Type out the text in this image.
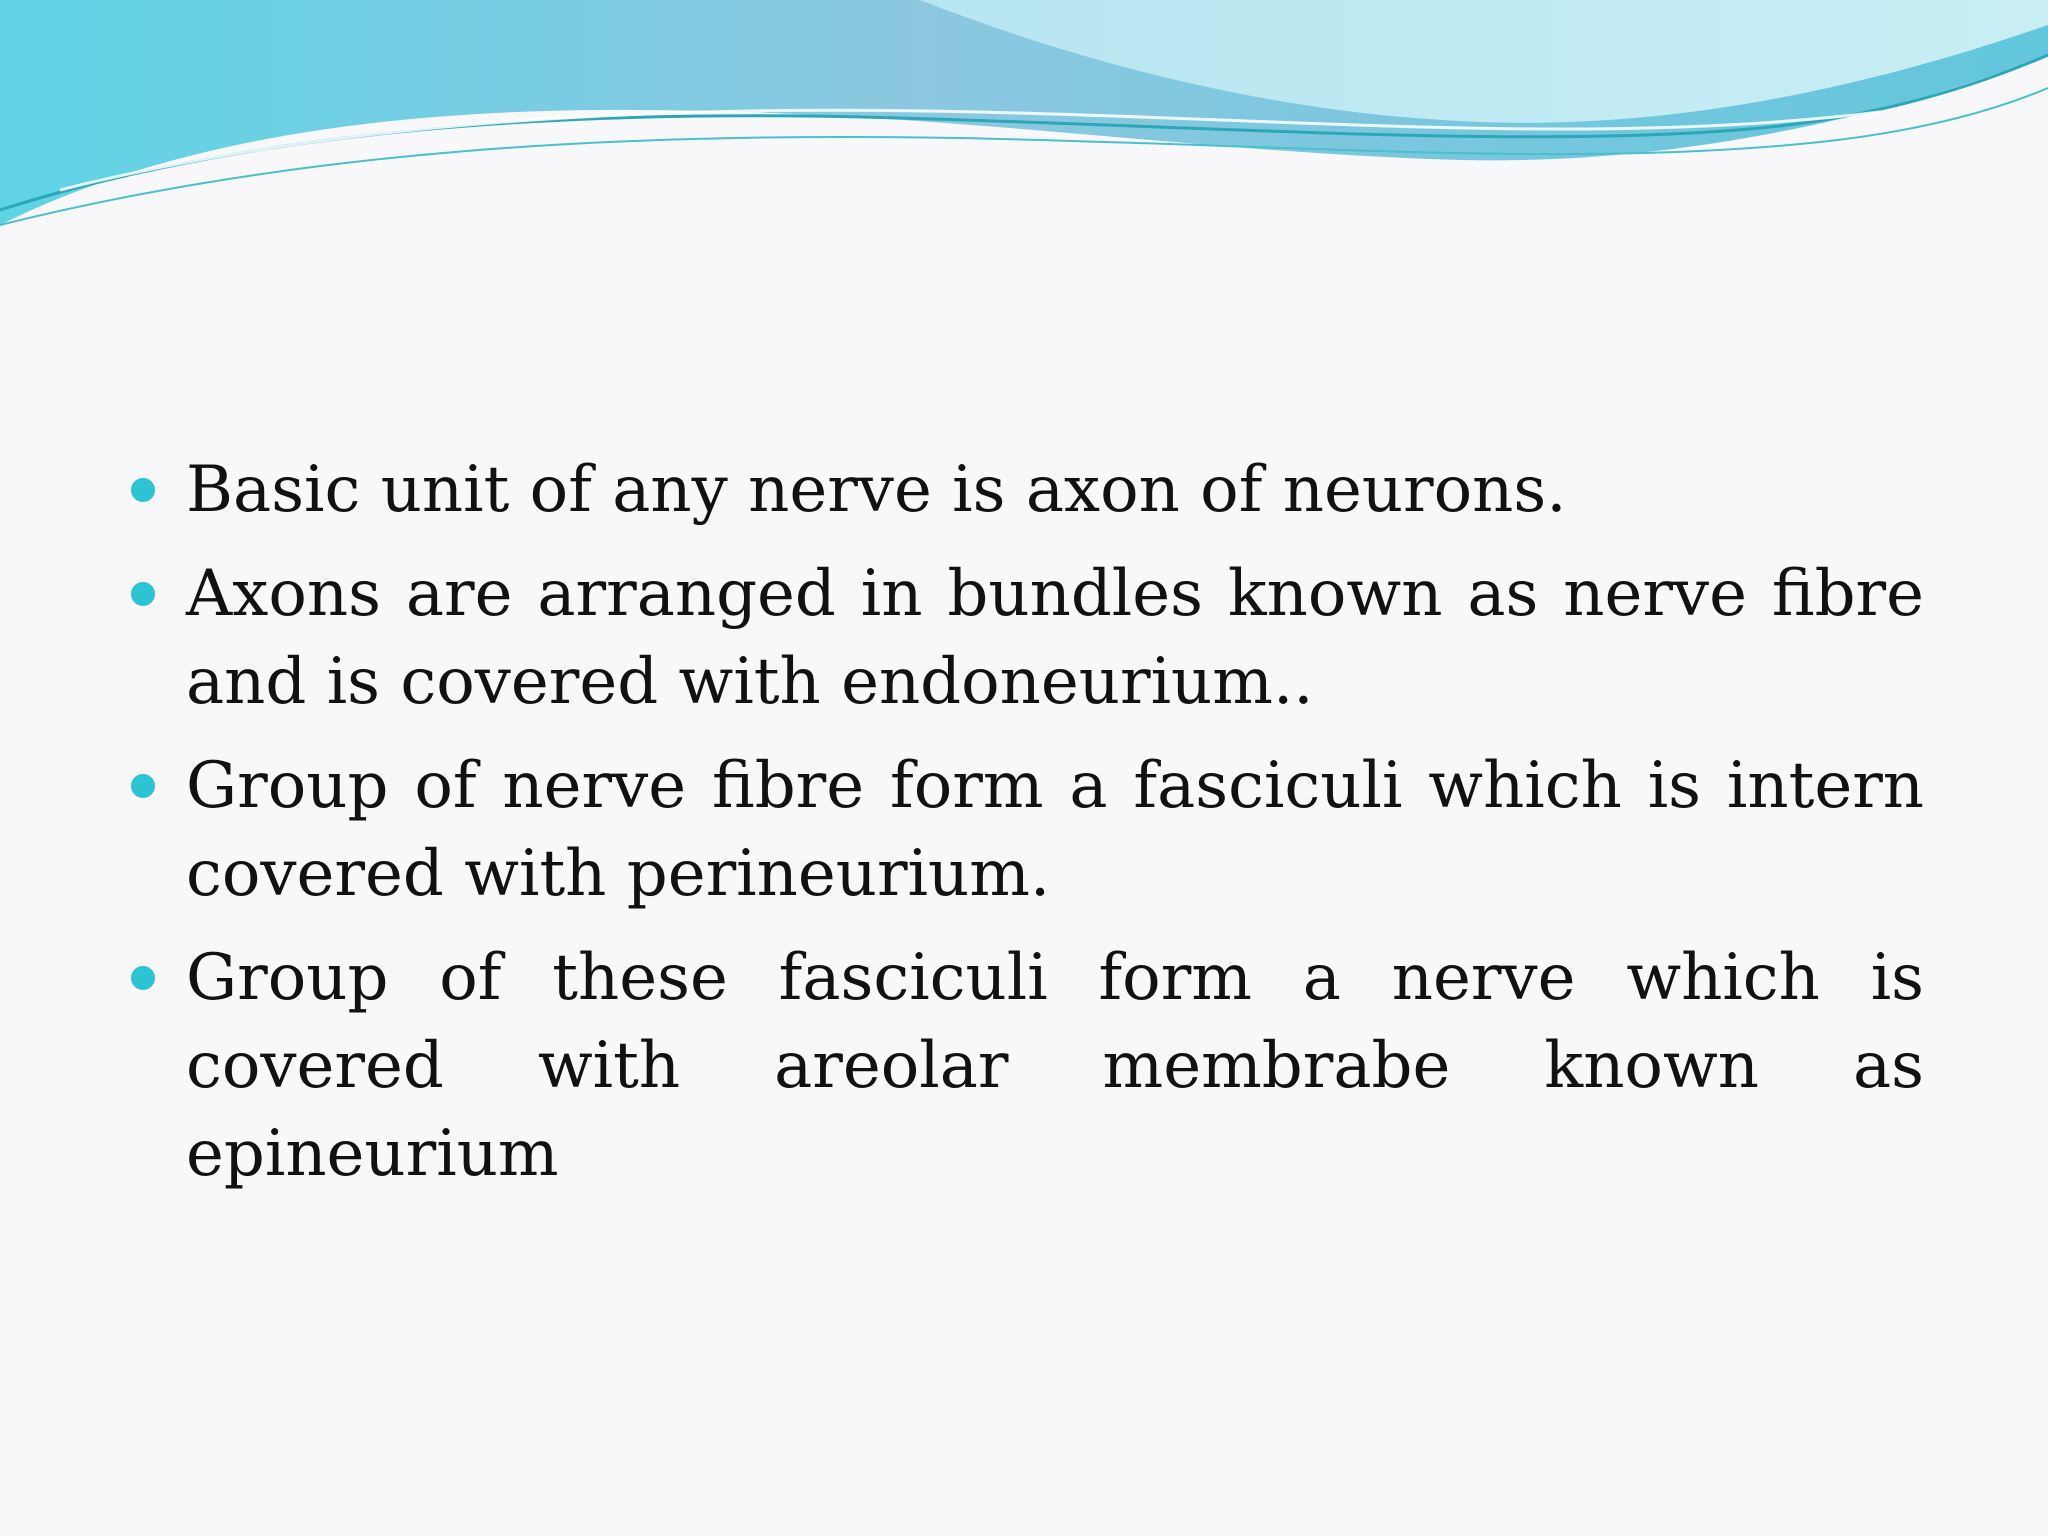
Basic unit of any nerve is axon of neurons.
Axons are arranged in bundles known as nerve fibre and is covered with endoneurium..
Group of nerve fibre form a fasciculi which is intern covered with perineurium.
Group of these fasciculi form a nerve which is covered with areolar membrabe known as epineurium
